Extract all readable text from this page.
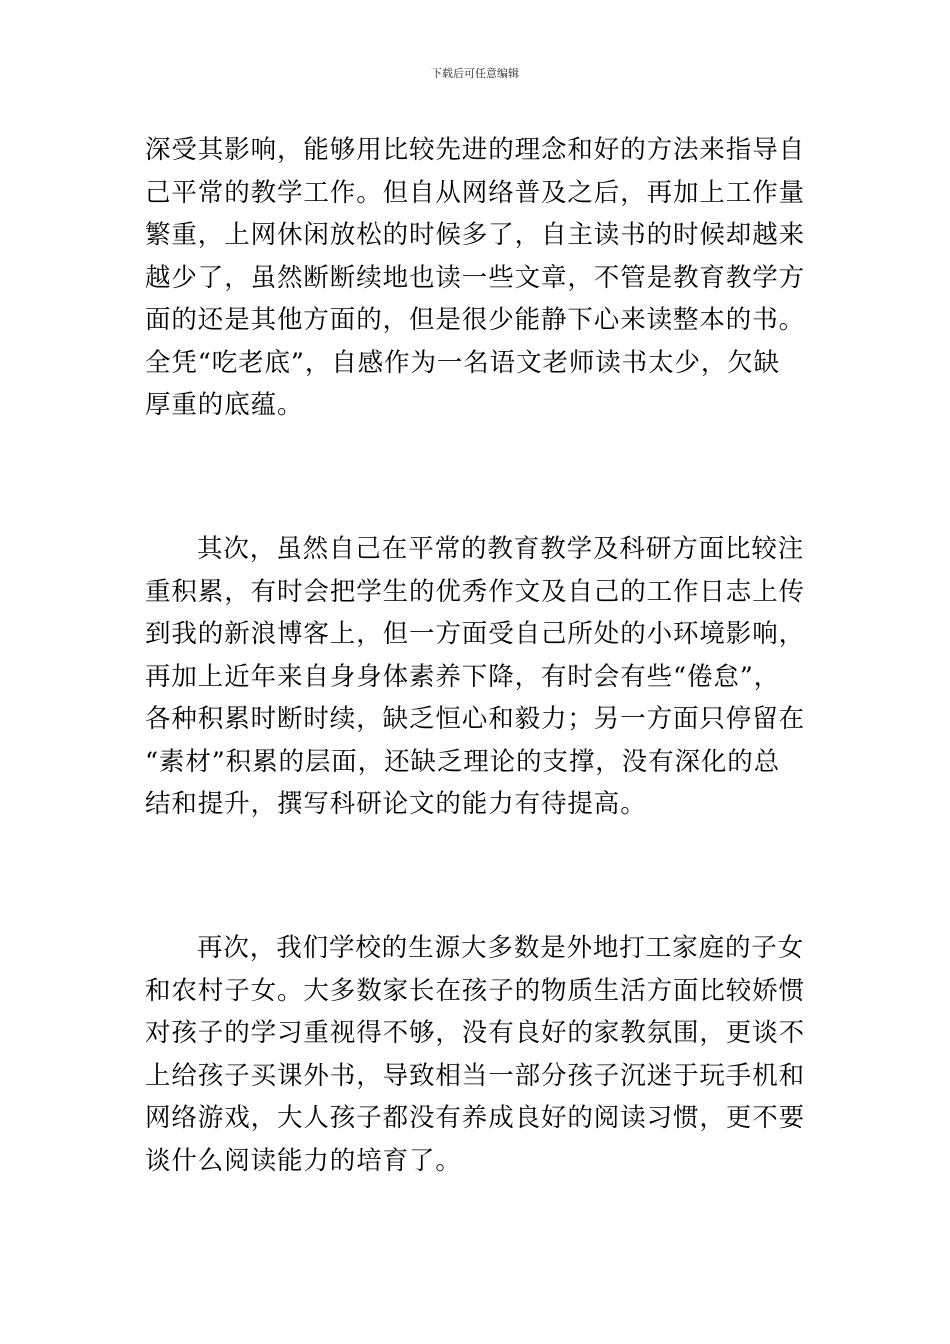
下载后可任意编辑
深受其影响，能够用比较先进的理念和好的方法来指导自
己平常的教学工作。但自从网络普及之后，再加上工作量
繁重，上网休闲放松的时候多了，自主读书的时候却越来
越少了，虽然断断续地也读一些文章，不管是教育教学方
面的还是其他方面的，但是很少能静下心来读整本的书。
全凭“吃老底”，自感作为一名语文老师读书太少，欠缺
厚重的底蕴。
其次，虽然自己在平常的教育教学及科研方面比较注
重积累，有时会把学生的优秀作文及自己的工作日志上传
到我的新浪博客上，但一方面受自己所处的小环境影响，
再加上近年来自身身体素养下降，有时会有些“倦怠”，
各种积累时断时续，缺乏恒心和毅力；另一方面只停留在
“素材”积累的层面，还缺乏理论的支撑，没有深化的总
结和提升，撰写科研论文的能力有待提高。
再次，我们学校的生源大多数是外地打工家庭的子女
和农村子女。大多数家长在孩子的物质生活方面比较娇惯
对孩子的学习重视得不够，没有良好的家教氛围，更谈不
上给孩子买课外书，导致相当一部分孩子沉迷于玩手机和
网络游戏，大人孩子都没有养成良好的阅读习惯，更不要
谈什么阅读能力的培育了。
